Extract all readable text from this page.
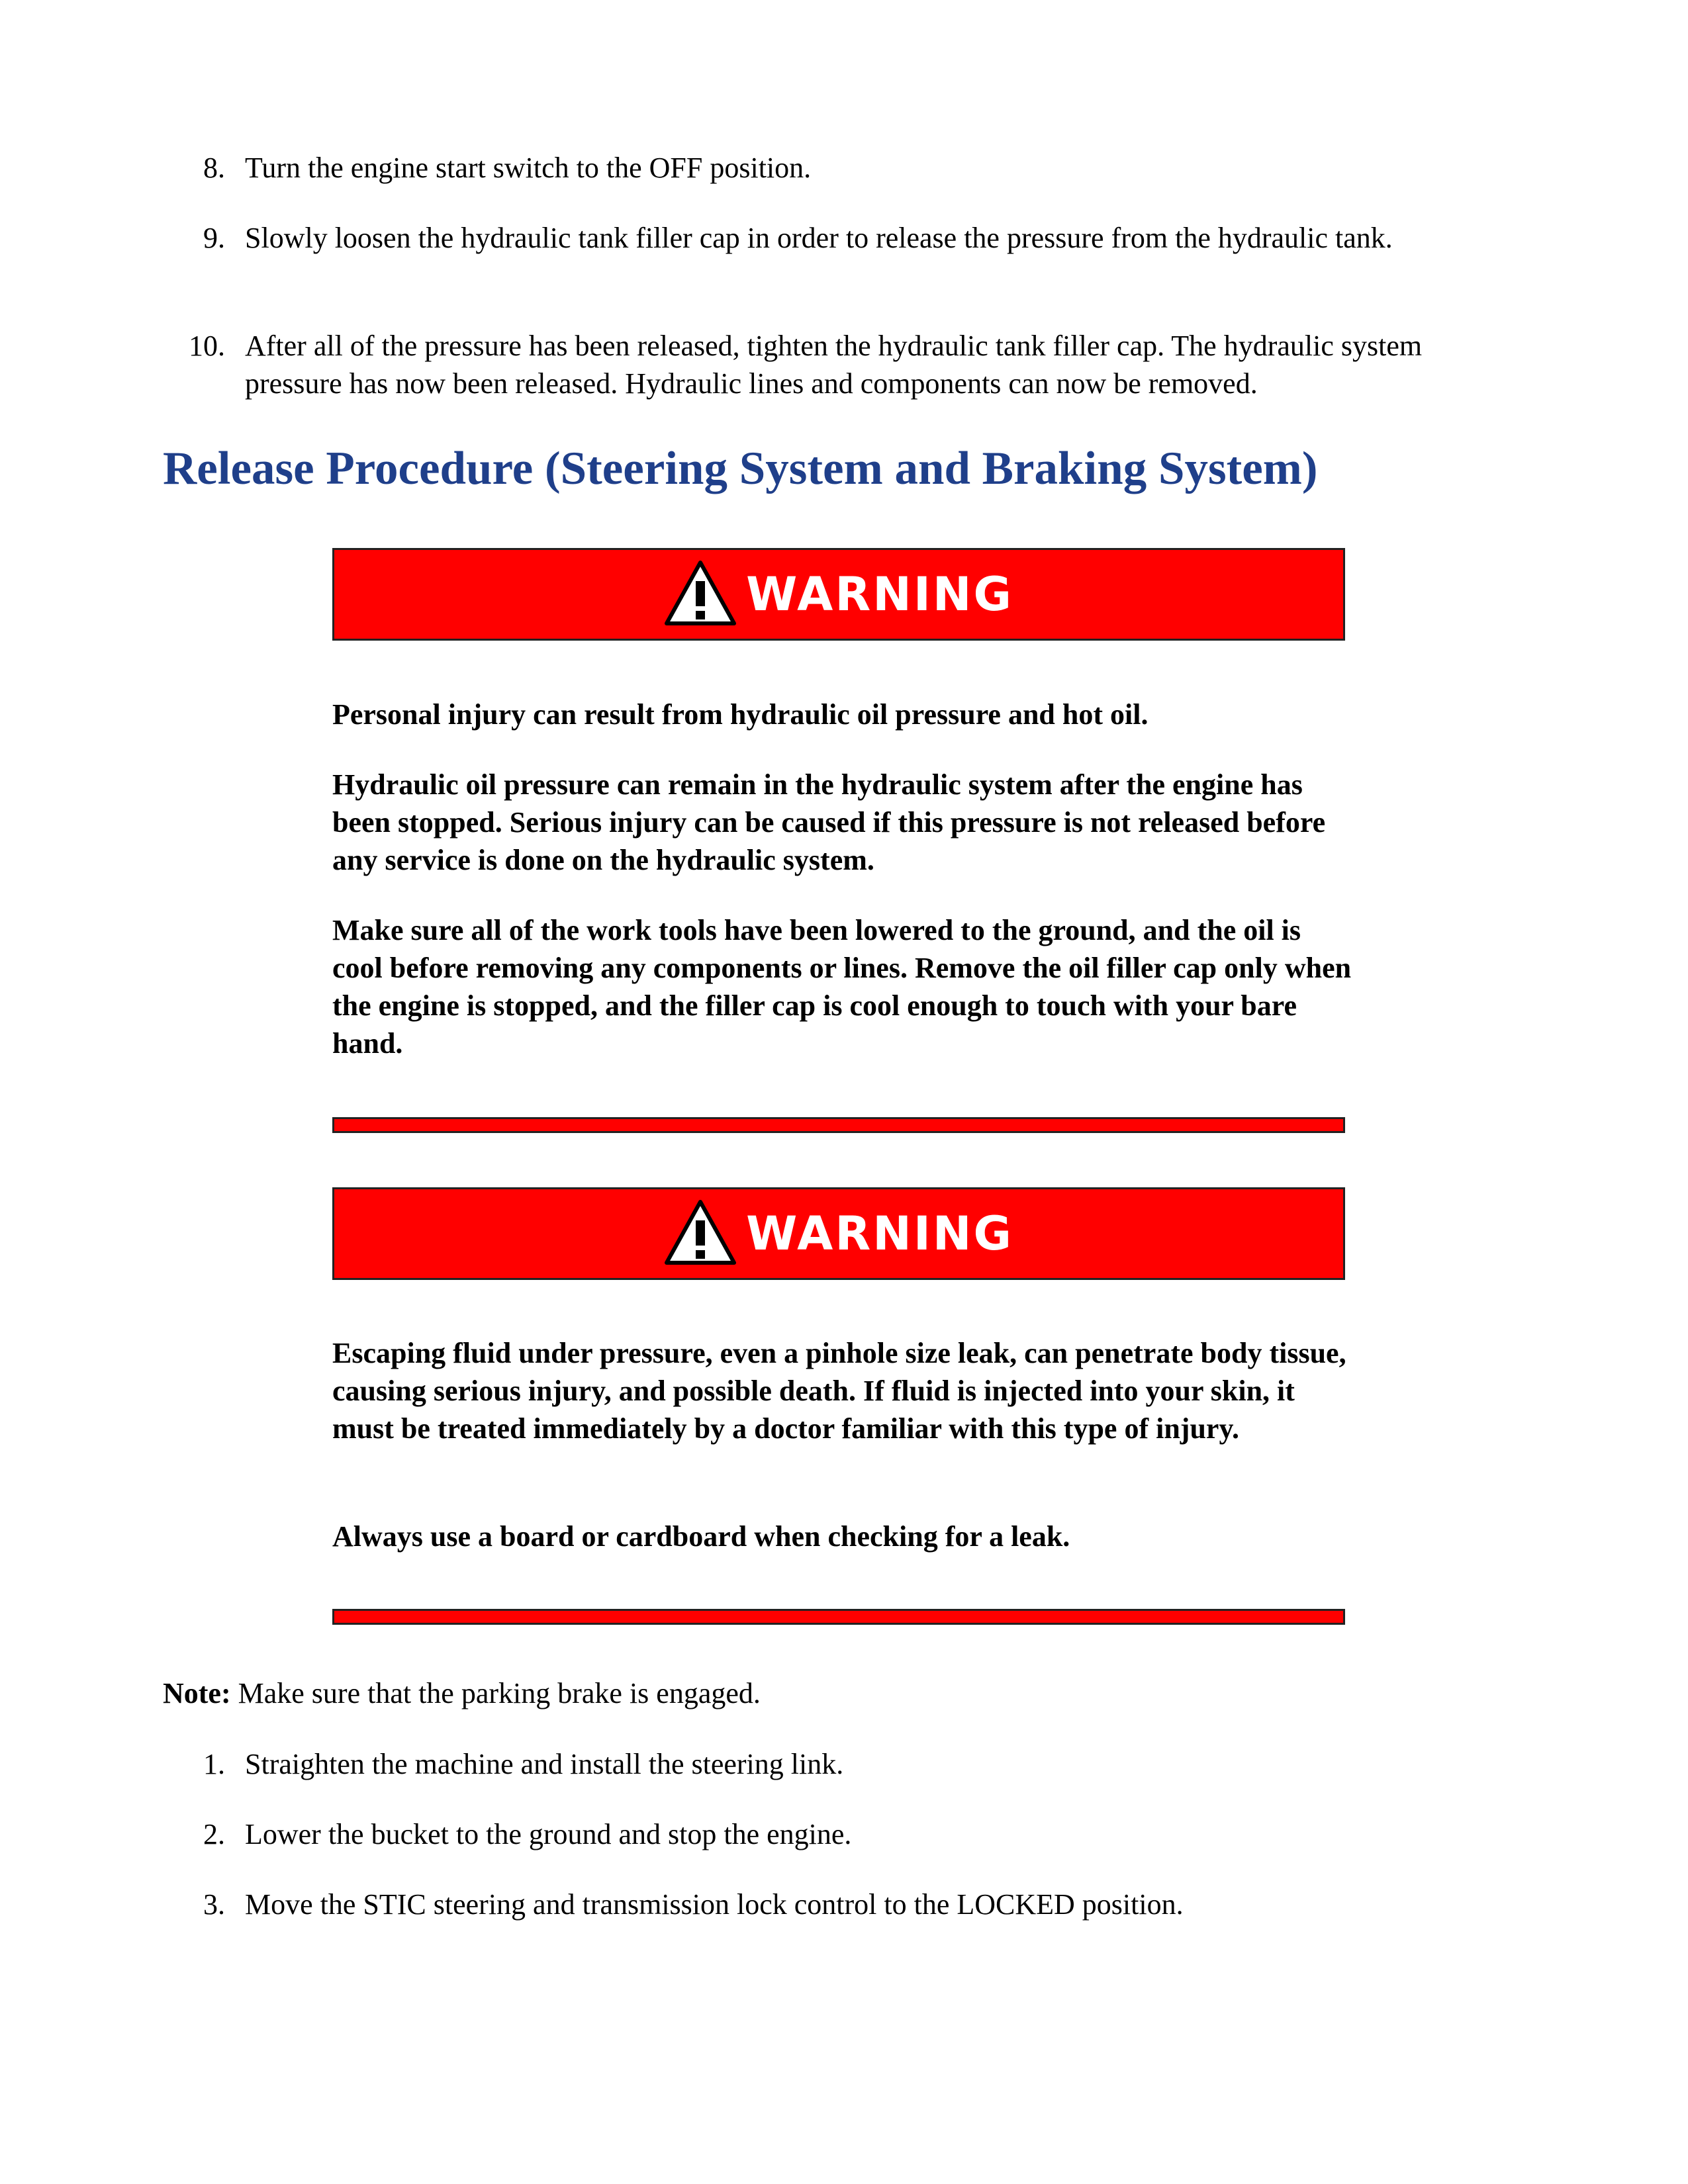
8. Turn the engine start switch to the OFF position.
9. Slowly loosen the hydraulic tank filler cap in order to release the pressure from the hydraulic tank.
10. After all of the pressure has been released, tighten the hydraulic tank filler cap. The hydraulic system pressure has now been released. Hydraulic lines and components can now be removed.
Release Procedure (Steering System and Braking System)
WARNING
Personal injury can result from hydraulic oil pressure and hot oil.
Hydraulic oil pressure can remain in the hydraulic system after the engine has been stopped. Serious injury can be caused if this pressure is not released before any service is done on the hydraulic system.
Make sure all of the work tools have been lowered to the ground, and the oil is cool before removing any components or lines. Remove the oil filler cap only when the engine is stopped, and the filler cap is cool enough to touch with your bare hand.
WARNING
Escaping fluid under pressure, even a pinhole size leak, can penetrate body tissue, causing serious injury, and possible death. If fluid is injected into your skin, it must be treated immediately by a doctor familiar with this type of injury.
Always use a board or cardboard when checking for a leak.
Note: Make sure that the parking brake is engaged.
1. Straighten the machine and install the steering link.
2. Lower the bucket to the ground and stop the engine.
3. Move the STIC steering and transmission lock control to the LOCKED position.
